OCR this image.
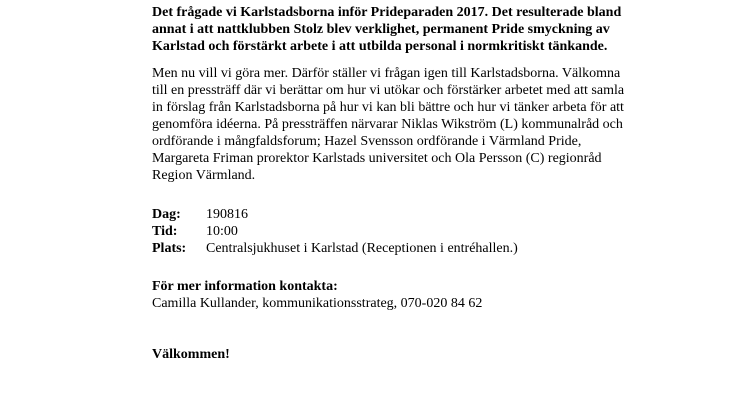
Det frågade vi Karlstadsborna inför Prideparaden 2017. Det resulterade bland annat i att nattklubben Stolz blev verklighet, permanent Pride smyckning av Karlstad och förstärkt arbete i att utbilda personal i normkritiskt tänkande.

Men nu vill vi göra mer. Därför ställer vi frågan igen till Karlstadsborna. Välkomna till en pressträff där vi berättar om hur vi utökar och förstärker arbetet med att samla in förslag från Karlstadsborna på hur vi kan bli bättre och hur vi tänker arbeta för att genomföra idéerna. På pressträffen närvarar Niklas Wikström (L) kommunalråd och ordförande i mångfaldsforum; Hazel Svensson ordförande i Värmland Pride, Margareta Friman prorektor Karlstads universitet och Ola Persson (C) regionråd Region Värmland.

Dag:	190816
Tid:	10:00
Plats:	Centralsjukhuset i Karlstad (Receptionen i entréhallen.)
För mer information kontakta:
Camilla Kullander, kommunikationsstrateg, 070-020 84 62
Välkommen!
